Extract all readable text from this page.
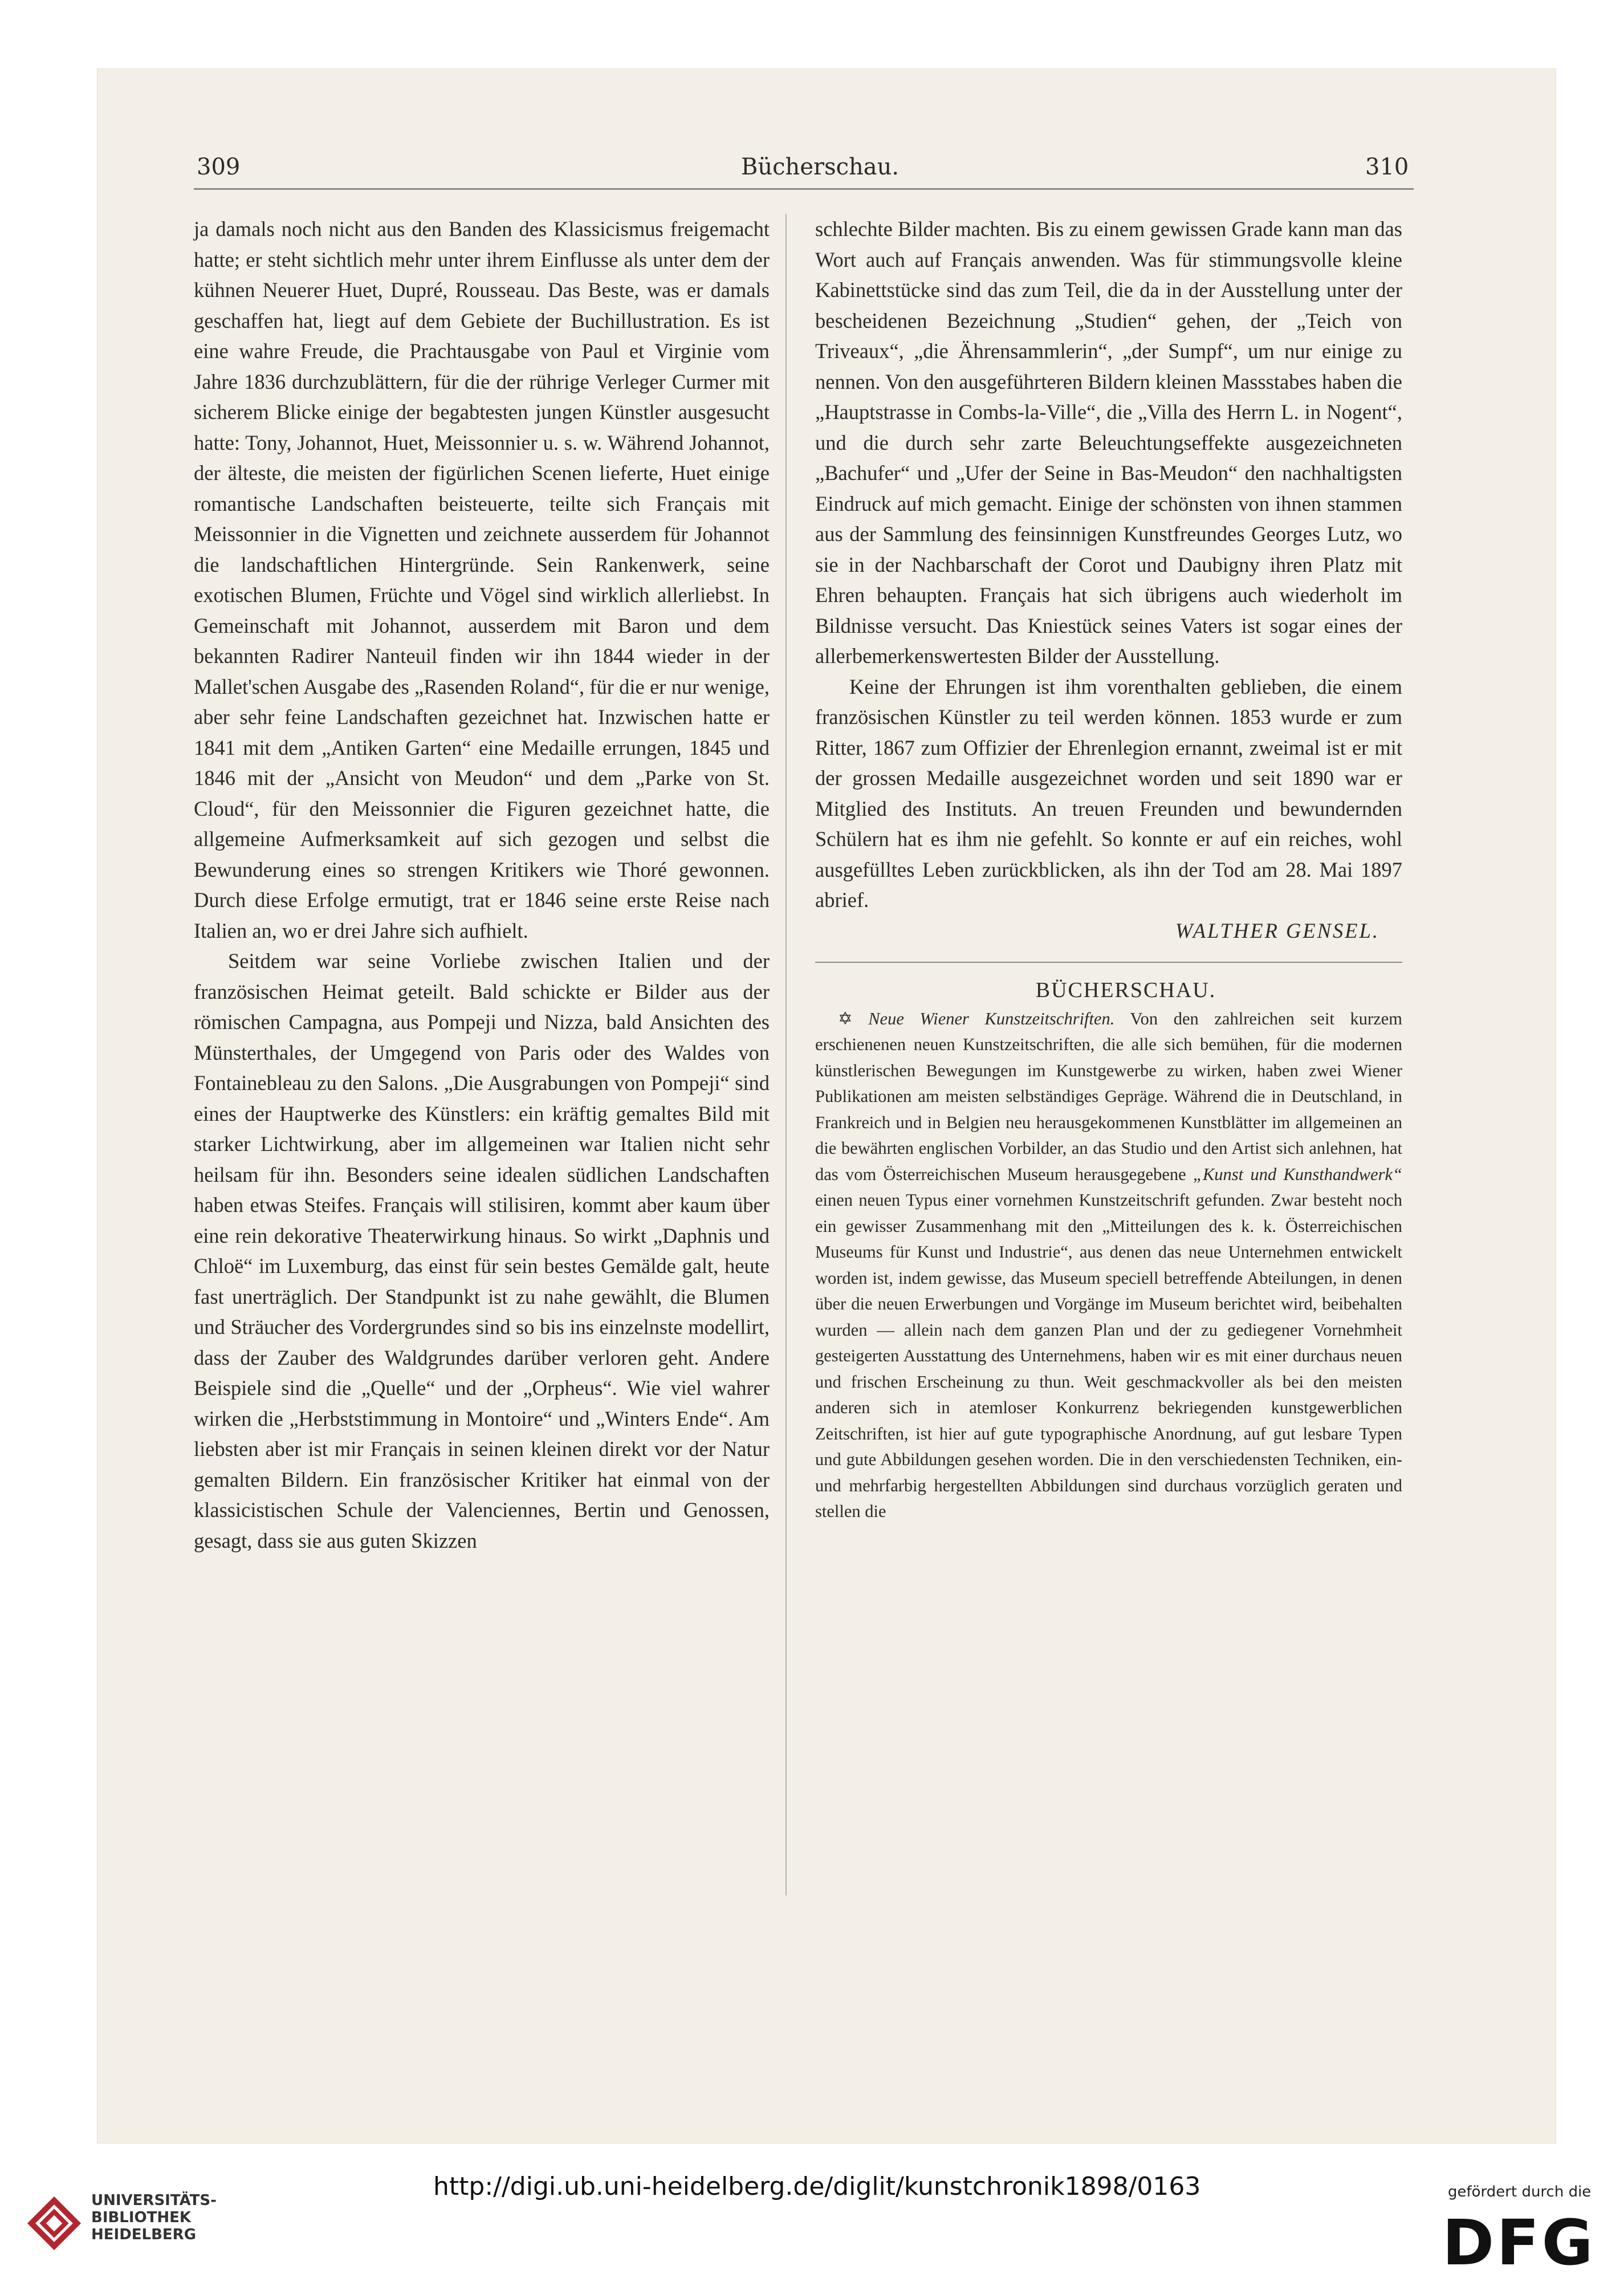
309	Bücherschau.	310

ja damals noch nicht aus den Banden des Klassicismus freigemacht hatte; er steht sichtlich mehr unter ihrem Einflusse als unter dem der kühnen Neuerer Huet, Dupré, Rousseau. Das Beste, was er damals geschaffen hat, liegt auf dem Gebiete der Buchillustration. Es ist eine wahre Freude, die Prachtausgabe von Paul et Virginie vom Jahre 1836 durchzublättern, für die der rührige Verleger Curmer mit sicherem Blicke einige der begabtesten jungen Künstler ausgesucht hatte: Tony, Johannot, Huet, Meissonnier u. s. w. Während Johannot, der älteste, die meisten der figürlichen Scenen lieferte, Huet einige romantische Landschaften beisteuerte, teilte sich Français mit Meissonnier in die Vignetten und zeichnete ausserdem für Johannot die landschaftlichen Hintergründe. Sein Rankenwerk, seine exotischen Blumen, Früchte und Vögel sind wirklich allerliebst. In Gemeinschaft mit Johannot, ausserdem mit Baron und dem bekannten Radirer Nanteuil finden wir ihn 1844 wieder in der Mallet'schen Ausgabe des „Rasenden Roland“, für die er nur wenige, aber sehr feine Landschaften gezeichnet hat. Inzwischen hatte er 1841 mit dem „Antiken Garten“ eine Medaille errungen, 1845 und 1846 mit der „Ansicht von Meudon“ und dem „Parke von St. Cloud“, für den Meissonnier die Figuren gezeichnet hatte, die allgemeine Aufmerksamkeit auf sich gezogen und selbst die Bewunderung eines so strengen Kritikers wie Thoré gewonnen. Durch diese Erfolge ermutigt, trat er 1846 seine erste Reise nach Italien an, wo er drei Jahre sich aufhielt.

Seitdem war seine Vorliebe zwischen Italien und der französischen Heimat geteilt. Bald schickte er Bilder aus der römischen Campagna, aus Pompeji und Nizza, bald Ansichten des Münsterthales, der Umgegend von Paris oder des Waldes von Fontainebleau zu den Salons. „Die Ausgrabungen von Pompeji“ sind eines der Hauptwerke des Künstlers: ein kräftig gemaltes Bild mit starker Lichtwirkung, aber im allgemeinen war Italien nicht sehr heilsam für ihn. Besonders seine idealen südlichen Landschaften haben etwas Steifes. Français will stilisiren, kommt aber kaum über eine rein dekorative Theaterwirkung hinaus. So wirkt „Daphnis und Chloë“ im Luxemburg, das einst für sein bestes Gemälde galt, heute fast unerträglich. Der Standpunkt ist zu nahe gewählt, die Blumen und Sträucher des Vordergrundes sind so bis ins einzelnste modellirt, dass der Zauber des Waldgrundes darüber verloren geht. Andere Beispiele sind die „Quelle“ und der „Orpheus“. Wie viel wahrer wirken die „Herbststimmung in Montoire“ und „Winters Ende“. Am liebsten aber ist mir Français in seinen kleinen direkt vor der Natur gemalten Bildern. Ein französischer Kritiker hat einmal von der klassicistischen Schule der Valenciennes, Bertin und Genossen, gesagt, dass sie aus guten Skizzen

schlechte Bilder machten. Bis zu einem gewissen Grade kann man das Wort auch auf Français anwenden. Was für stimmungsvolle kleine Kabinettstücke sind das zum Teil, die da in der Ausstellung unter der bescheidenen Bezeichnung „Studien“ gehen, der „Teich von Triveaux“, „die Ährensammlerin“, „der Sumpf“, um nur einige zu nennen. Von den ausgeführteren Bildern kleinen Massstabes haben die „Hauptstrasse in Combs-la-Ville“, die „Villa des Herrn L. in Nogent“, und die durch sehr zarte Beleuchtungseffekte ausgezeichneten „Bachufer“ und „Ufer der Seine in Bas-Meudon“ den nachhaltigsten Eindruck auf mich gemacht. Einige der schönsten von ihnen stammen aus der Sammlung des feinsinnigen Kunstfreundes Georges Lutz, wo sie in der Nachbarschaft der Corot und Daubigny ihren Platz mit Ehren behaupten. Français hat sich übrigens auch wiederholt im Bildnisse versucht. Das Kniestück seines Vaters ist sogar eines der allerbemerkenswertesten Bilder der Ausstellung.

Keine der Ehrungen ist ihm vorenthalten geblieben, die einem französischen Künstler zu teil werden können. 1853 wurde er zum Ritter, 1867 zum Offizier der Ehrenlegion ernannt, zweimal ist er mit der grossen Medaille ausgezeichnet worden und seit 1890 war er Mitglied des Instituts. An treuen Freunden und bewundernden Schülern hat es ihm nie gefehlt. So konnte er auf ein reiches, wohl ausgefülltes Leben zurückblicken, als ihn der Tod am 28. Mai 1897 abrief.

WALTHER GENSEL.

BÜCHERSCHAU.

✡ Neue Wiener Kunstzeitschriften. Von den zahlreichen seit kurzem erschienenen neuen Kunstzeitschriften, die alle sich bemühen, für die modernen künstlerischen Bewegungen im Kunstgewerbe zu wirken, haben zwei Wiener Publikationen am meisten selbständiges Gepräge. Während die in Deutschland, in Frankreich und in Belgien neu herausgekommenen Kunstblätter im allgemeinen an die bewährten englischen Vorbilder, an das Studio und den Artist sich anlehnen, hat das vom Österreichischen Museum herausgegebene „Kunst und Kunsthandwerk“ einen neuen Typus einer vornehmen Kunstzeitschrift gefunden. Zwar besteht noch ein gewisser Zusammenhang mit den „Mitteilungen des k. k. Österreichischen Museums für Kunst und Industrie“, aus denen das neue Unternehmen entwickelt worden ist, indem gewisse, das Museum speciell betreffende Abteilungen, in denen über die neuen Erwerbungen und Vorgänge im Museum berichtet wird, beibehalten wurden — allein nach dem ganzen Plan und der zu gediegener Vornehmheit gesteigerten Ausstattung des Unternehmens, haben wir es mit einer durchaus neuen und frischen Erscheinung zu thun. Weit geschmackvoller als bei den meisten anderen sich in atemloser Konkurrenz bekriegenden kunstgewerblichen Zeitschriften, ist hier auf gute typographische Anordnung, auf gut lesbare Typen und gute Abbildungen gesehen worden. Die in den verschiedensten Techniken, ein- und mehrfarbig hergestellten Abbildungen sind durchaus vorzüglich geraten und stellen die

UNIVERSITÄTS-
BIBLIOTHEK
HEIDELBERG
http://digi.ub.uni-heidelberg.de/diglit/kunstchronik1898/0163	gefördert durch die
DFG
